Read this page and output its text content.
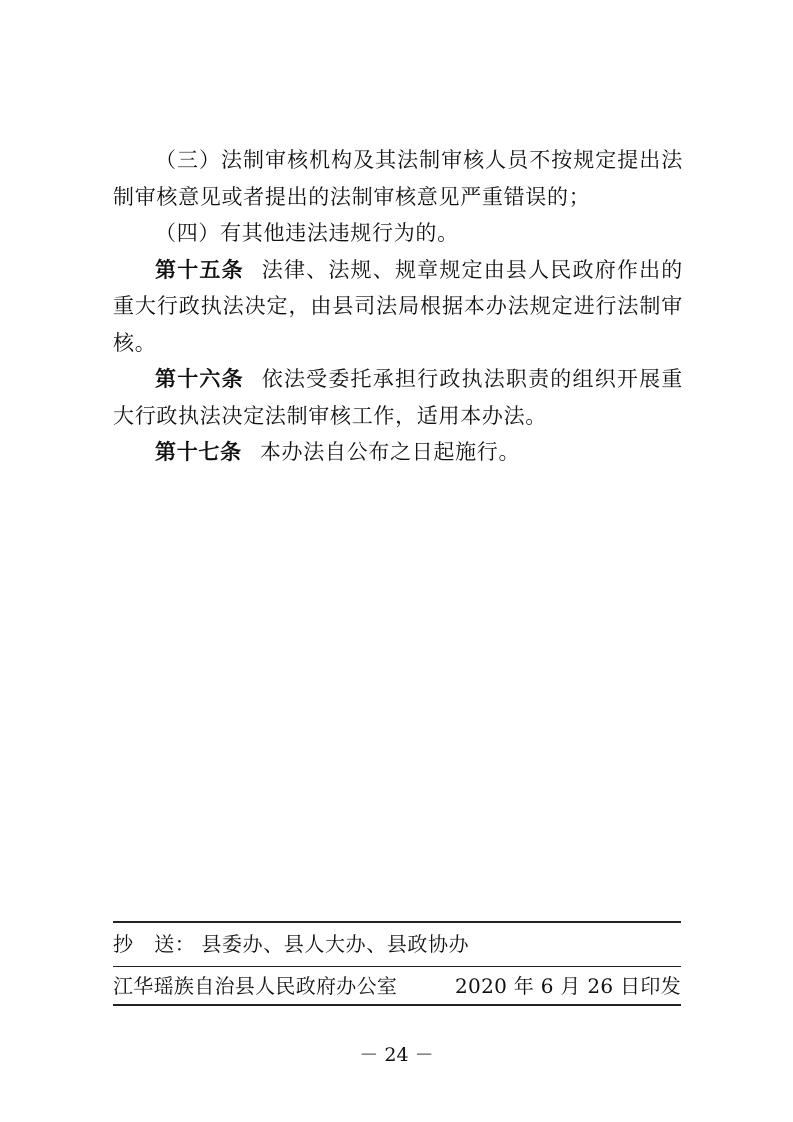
（三）法制审核机构及其法制审核人员不按规定提出法制审核意见或者提出的法制审核意见严重错误的；

（四）有其他违法违规行为的。

第十五条 法律、法规、规章规定由县人民政府作出的重大行政执法决定，由县司法局根据本办法规定进行法制审核。

第十六条 依法受委托承担行政执法职责的组织开展重大行政执法决定法制审核工作，适用本办法。

第十七条 本办法自公布之日起施行。

抄　送： 县委办、县人大办、县政协办
江华瑶族自治县人民政府办公室	2020 年 6 月 26 日印发
－ 24 －
